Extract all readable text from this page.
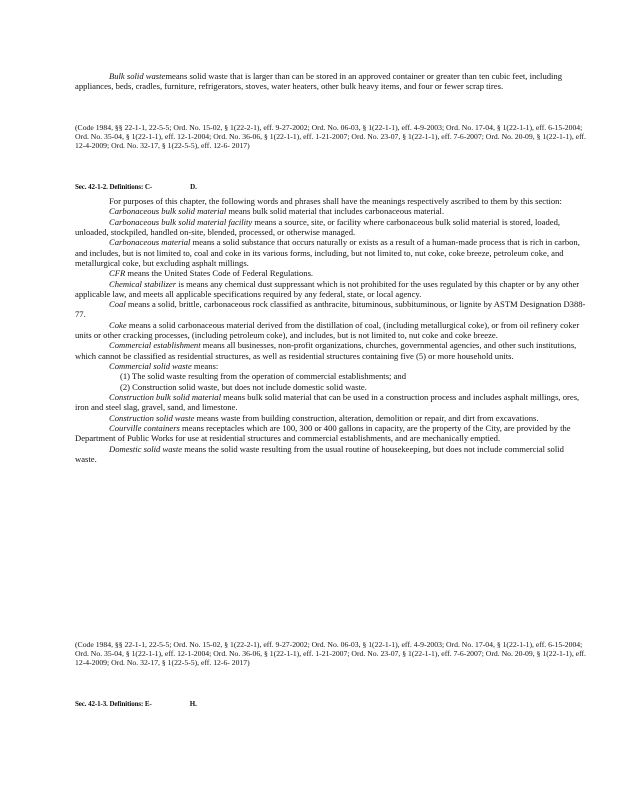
Bulk solid wastemeans solid waste that is larger than can be stored in an approved container or greater than ten cubic feet, including appliances, beds, cradles, furniture, refrigerators, stoves, water heaters, other bulk heavy items, and four or fewer scrap tires.

(Code 1984, §§ 22-1-1, 22-5-5; Ord. No. 15-02, § 1(22-2-1), eff. 9-27-2002; Ord. No. 06-03, § 1(22-1-1), eff. 4-9-2003; Ord. No. 17-04, § 1(22-1-1), eff. 6-15-2004; Ord. No. 35-04, § 1(22-1-1), eff. 12-1-2004; Ord. No. 36-06, § 1(22-1-1), eff. 1-21-2007; Ord. No. 23-07, § 1(22-1-1), eff. 7-6-2007; Ord. No. 20-09, § 1(22-1-1), eff. 12-4-2009; Ord. No. 32-17, § 1(22-5-5), eff. 12-6- 2017)

Sec. 42-1-2. Definitions: C-	D.

For purposes of this chapter, the following words and phrases shall have the meanings respectively ascribed to them by this section:

Carbonaceous bulk solid material means bulk solid material that includes carbonaceous material.

Carbonaceous bulk solid material facility means a source, site, or facility where carbonaceous bulk solid material is stored, loaded, unloaded, stockpiled, handled on-site, blended, processed, or otherwise managed.

Carbonaceous material means a solid substance that occurs naturally or exists as a result of a human-made process that is rich in carbon, and includes, but is not limited to, coal and coke in its various forms, including, but not limited to, nut coke, coke breeze, petroleum coke, and metallurgical coke, but excluding asphalt millings.

CFR means the United States Code of Federal Regulations.

Chemical stabilizer is means any chemical dust suppressant which is not prohibited for the uses regulated by this chapter or by any other applicable law, and meets all applicable specifications required by any federal, state, or local agency.

Coal means a solid, brittle, carbonaceous rock classified as anthracite, bituminous, subbituminous, or lignite by ASTM Designation D388-77.

Coke means a solid carbonaceous material derived from the distillation of coal, (including metallurgical coke), or from oil refinery coker units or other cracking processes, (including petroleum coke), and includes, but is not limited to, nut coke and coke breeze.

Commercial establishment means all businesses, non-profit organizations, churches, governmental agencies, and other such institutions, which cannot be classified as residential structures, as well as residential structures containing five (5) or more household units.

Commercial solid waste means:

(1) The solid waste resulting from the operation of commercial establishments; and

(2) Construction solid waste, but does not include domestic solid waste.

Construction bulk solid material means bulk solid material that can be used in a construction process and includes asphalt millings, ores, iron and steel slag, gravel, sand, and limestone.

Construction solid waste means waste from building construction, alteration, demolition or repair, and dirt from excavations.

Courville containers means receptacles which are 100, 300 or 400 gallons in capacity, are the property of the City, are provided by the Department of Public Works for use at residential structures and commercial establishments, and are mechanically emptied.

Domestic solid waste means the solid waste resulting from the usual routine of housekeeping, but does not include commercial solid waste.

(Code 1984, §§ 22-1-1, 22-5-5; Ord. No. 15-02, § 1(22-2-1), eff. 9-27-2002; Ord. No. 06-03, § 1(22-1-1), eff. 4-9-2003; Ord. No. 17-04, § 1(22-1-1), eff. 6-15-2004; Ord. No. 35-04, § 1(22-1-1), eff. 12-1-2004; Ord. No. 36-06, § 1(22-1-1), eff. 1-21-2007; Ord. No. 23-07, § 1(22-1-1), eff. 7-6-2007; Ord. No. 20-09, § 1(22-1-1), eff. 12-4-2009; Ord. No. 32-17, § 1(22-5-5), eff. 12-6- 2017)

Sec. 42-1-3. Definitions: E-	H.
